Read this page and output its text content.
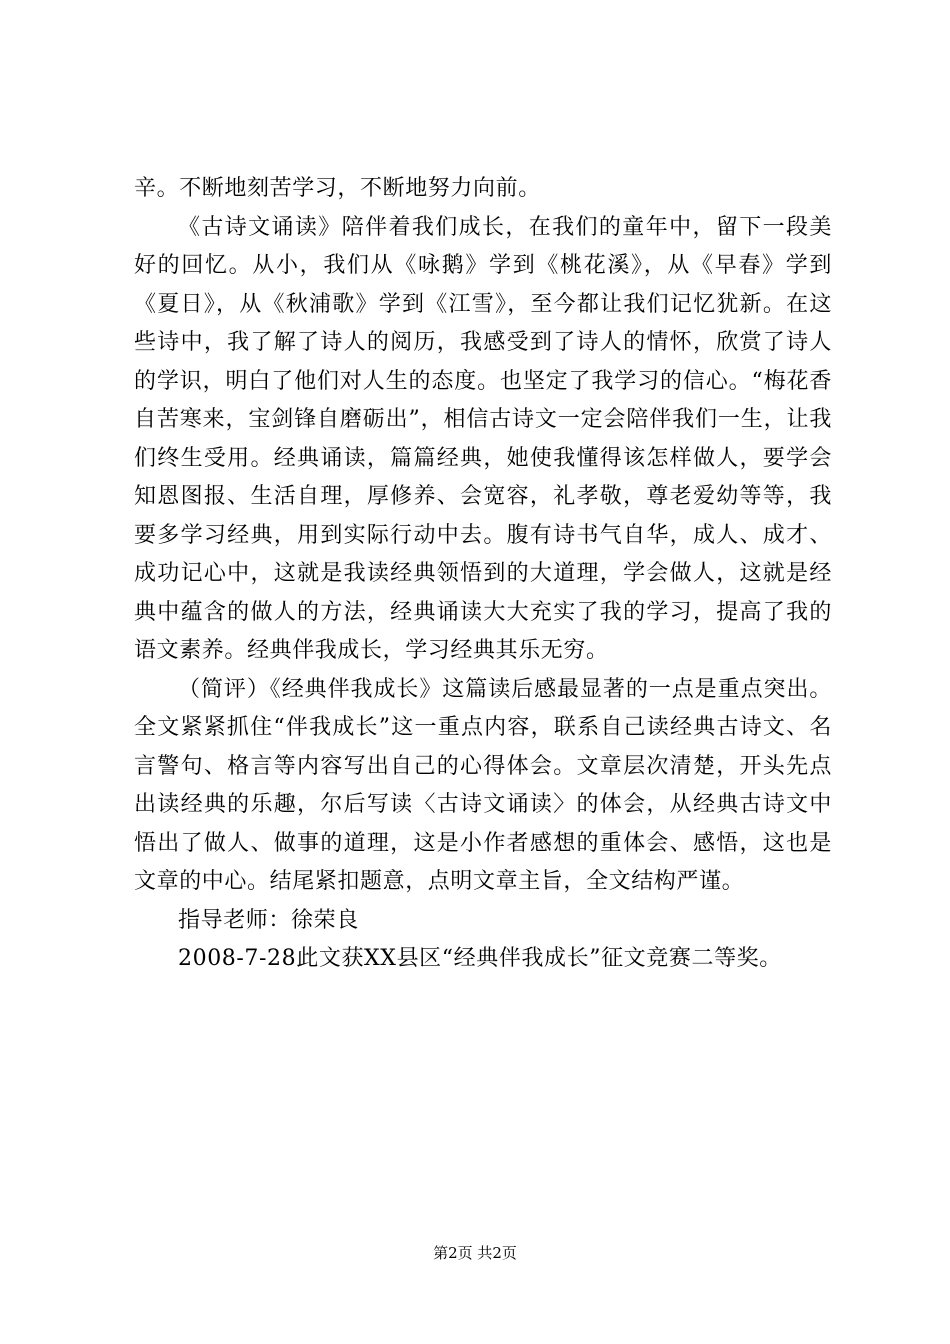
辛。不断地刻苦学习，不断地努力向前。

《古诗文诵读》陪伴着我们成长，在我们的童年中，留下一段美好的回忆。从小，我们从《咏鹅》学到《桃花溪》，从《早春》学到《夏日》，从《秋浦歌》学到《江雪》，至今都让我们记忆犹新。在这些诗中，我了解了诗人的阅历，我感受到了诗人的情怀，欣赏了诗人的学识，明白了他们对人生的态度。也坚定了我学习的信心。“梅花香自苦寒来，宝剑锋自磨砺出”，相信古诗文一定会陪伴我们一生，让我们终生受用。经典诵读，篇篇经典，她使我懂得该怎样做人，要学会知恩图报、生活自理，厚修养、会宽容，礼孝敬，尊老爱幼等等，我要多学习经典，用到实际行动中去。腹有诗书气自华，成人、成才、成功记心中，这就是我读经典领悟到的大道理，学会做人，这就是经典中蕴含的做人的方法，经典诵读大大充实了我的学习，提高了我的语文素养。经典伴我成长，学习经典其乐无穷。

（简评）《经典伴我成长》这篇读后感最显著的一点是重点突出。全文紧紧抓住“伴我成长”这一重点内容，联系自己读经典古诗文、名言警句、格言等内容写出自己的心得体会。文章层次清楚，开头先点出读经典的乐趣，尔后写读〈古诗文诵读〉的体会，从经典古诗文中悟出了做人、做事的道理，这是小作者感想的重体会、感悟，这也是文章的中心。结尾紧扣题意，点明文章主旨，全文结构严谨。

指导老师：徐荣良

2008-7-28此文获XX县区“经典伴我成长”征文竞赛二等奖。

第2页 共2页
